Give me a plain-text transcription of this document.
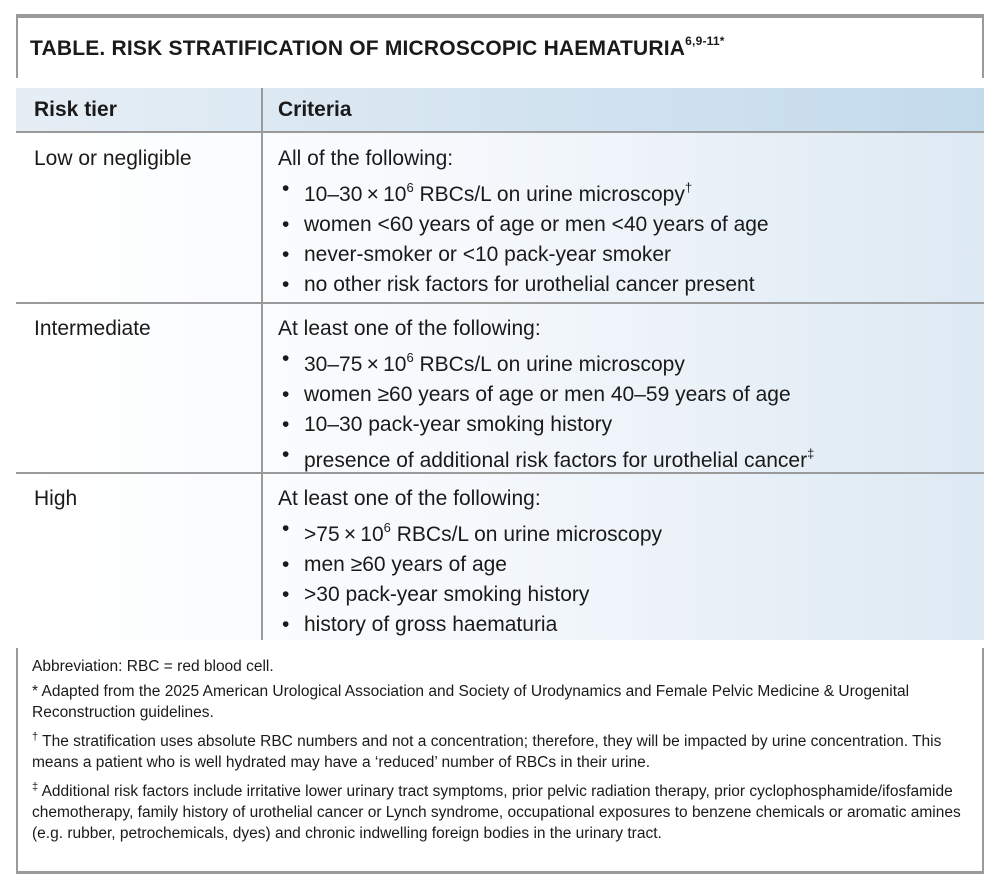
TABLE. RISK STRATIFICATION OF MICROSCOPIC $HAEMATURIA^{6,9-11*}$
Risk tier	Criteria
Low or negligible	All of the following:
• $10-30 \times 10^6$ RBCs/L on urine microscopy†
• women <60 years of age or men <40 years of age
• never-smoker or <10 pack-year smoker
• no other risk factors for urothelial cancer present
Intermediate	At least one of the following:
• $30-75 \times 10^6$ RBCs/L on urine microscopy
• women ≥60 years of age or men 40–59 years of age
• 10–30 pack-year smoking history
• presence of additional risk factors for urothelial cancer‡
High	At least one of the following:
• $>75 \times 10^6$ RBCs/L on urine microscopy
• men ≥60 years of age
• >30 pack-year smoking history
• history of gross haematuria

Abbreviation: RBC = red blood cell.

* Adapted from the 2025 American Urological Association and Society of Urodynamics and Female Pelvic Medicine & Urogenital Reconstruction guidelines.

† The stratification uses absolute RBC numbers and not a concentration; therefore, they will be impacted by urine concentration. This means a patient who is well hydrated may have a ‘reduced’ number of RBCs in their urine.

‡ Additional risk factors include irritative lower urinary tract symptoms, prior pelvic radiation therapy, prior cyclophosphamide/ifosfamide chemotherapy, family history of urothelial cancer or Lynch syndrome, occupational exposures to benzene chemicals or aromatic amines (e.g. rubber, petrochemicals, dyes) and chronic indwelling foreign bodies in the urinary tract.
